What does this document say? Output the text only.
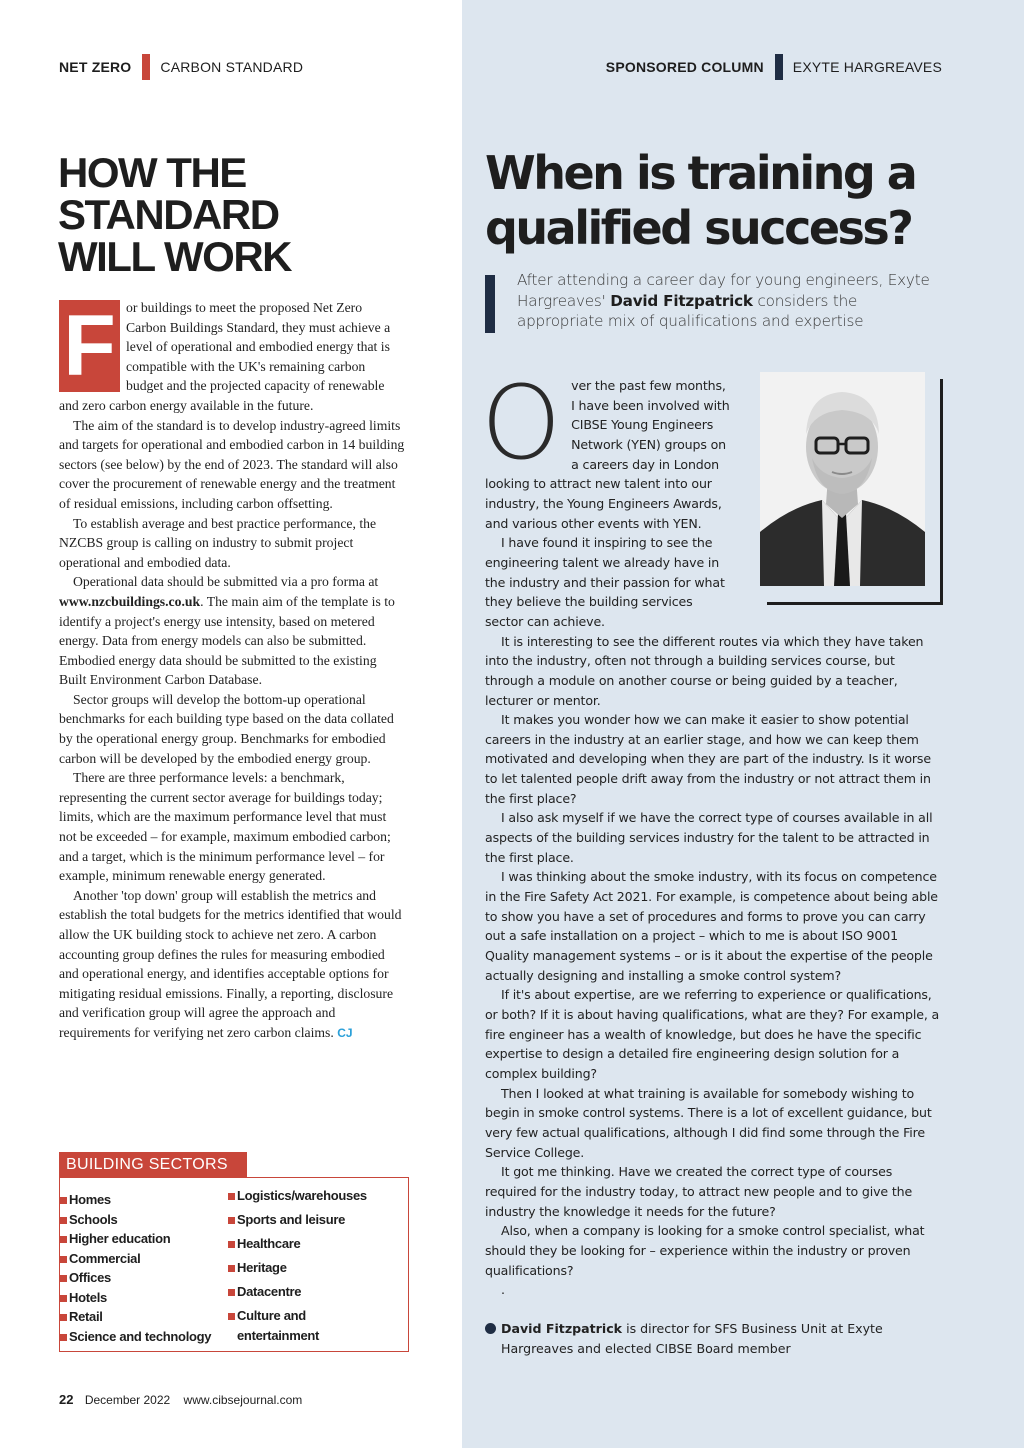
NET ZERO CARBON STANDARD	SPONSORED COLUMN EXYTE HARGREAVES
HOW THE
STANDARD
WILL WORK

F or buildings to meet the proposed Net Zero Carbon Buildings Standard, they must achieve a level of operational and embodied energy that is compatible with the UK's remaining carbon budget and the projected capacity of renewable and zero carbon energy available in the future.

The aim of the standard is to develop industry-agreed limits and targets for operational and embodied carbon in 14 building sectors (see below) by the end of 2023. The standard will also cover the procurement of renewable energy and the treatment of residual emissions, including carbon offsetting.

To establish average and best practice performance, the NZCBS group is calling on industry to submit project operational and embodied data.

Operational data should be submitted via a pro forma at www.nzcbuildings.co.uk. The main aim of the template is to identify a project's energy use intensity, based on metered energy. Data from energy models can also be submitted. Embodied energy data should be submitted to the existing Built Environment Carbon Database.

Sector groups will develop the bottom-up operational benchmarks for each building type based on the data collated by the operational energy group. Benchmarks for embodied carbon will be developed by the embodied energy group.

There are three performance levels: a benchmark, representing the current sector average for buildings today; limits, which are the maximum performance level that must not be exceeded – for example, maximum embodied carbon; and a target, which is the minimum performance level – for example, minimum renewable energy generated.

Another 'top down' group will establish the metrics and establish the total budgets for the metrics identified that would allow the UK building stock to achieve net zero. A carbon accounting group defines the rules for measuring embodied and operational energy, and identifies acceptable options for mitigating residual emissions. Finally, a reporting, disclosure and verification group will agree the approach and requirements for verifying net zero carbon claims. CJ

BUILDING SECTORS
Homes
Schools
Higher education
Commercial
Offices
Hotels
Retail
Science and technology
Logistics/warehouses
Sports and leisure
Healthcare
Heritage
Datacentre
Culture and
entertainment
22 December 2022 www.cibsejournal.com
When is training a qualified success?

After attending a career day for young engineers, Exyte Hargreaves' David Fitzpatrick considers the appropriate mix of qualifications and expertise

Over the past few months, I have been involved with CIBSE Young Engineers Network (YEN) groups on a careers day in London looking to attract new talent into our industry, the Young Engineers Awards, and various other events with YEN.

I have found it inspiring to see the engineering talent we already have in the industry and their passion for what they believe the building services sector can achieve.

It is interesting to see the different routes via which they have taken into the industry, often not through a building services course, but through a module on another course or being guided by a teacher, lecturer or mentor.

It makes you wonder how we can make it easier to show potential careers in the industry at an earlier stage, and how we can keep them motivated and developing when they are part of the industry. Is it worse to let talented people drift away from the industry or not attract them in the first place?

I also ask myself if we have the correct type of courses available in all aspects of the building services industry for the talent to be attracted in the first place.

I was thinking about the smoke industry, with its focus on competence in the Fire Safety Act 2021. For example, is competence about being able to show you have a set of procedures and forms to prove you can carry out a safe installation on a project – which to me is about ISO 9001 Quality management systems – or is it about the expertise of the people actually designing and installing a smoke control system?

If it's about expertise, are we referring to experience or qualifications, or both? If it is about having qualifications, what are they? For example, a fire engineer has a wealth of knowledge, but does he have the specific expertise to design a detailed fire engineering design solution for a complex building?

Then I looked at what training is available for somebody wishing to begin in smoke control systems. There is a lot of excellent guidance, but very few actual qualifications, although I did find some through the Fire Service College.

It got me thinking. Have we created the correct type of courses required for the industry today, to attract new people and to give the industry the knowledge it needs for the future?

Also, when a company is looking for a smoke control specialist, what should they be looking for – experience within the industry or proven qualifications?

.

David Fitzpatrick is director for SFS Business Unit at Exyte Hargreaves and elected CIBSE Board member
